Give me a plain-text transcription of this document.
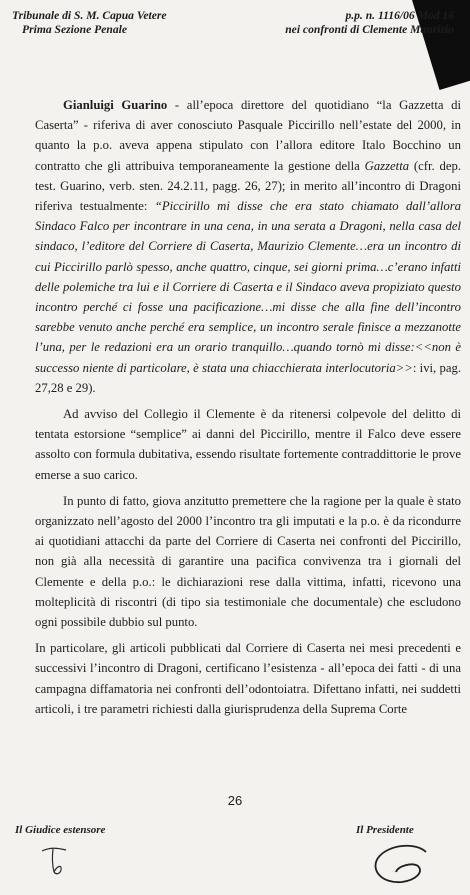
Tribunale di S. M. Capua Vetere
Prima Sezione Penale
p.p. n. 1116/06 Mod 16
nei confronti di Clemente Maurizio

Gianluigi Guarino - all’epoca direttore del quotidiano “la Gazzetta di Caserta” - riferiva di aver conosciuto Pasquale Piccirillo nell’estate del 2000, in quanto la p.o. aveva appena stipulato con l’allora editore Italo Bocchino un contratto che gli attribuiva temporaneamente la gestione della Gazzetta (cfr. dep. test. Guarino, verb. sten. 24.2.11, pagg. 26, 27); in merito all’incontro di Dragoni riferiva testualmente: “Piccirillo mi disse che era stato chiamato dall’allora Sindaco Falco per incontrare in una cena, in una serata a Dragoni, nella casa del sindaco, l’editore del Corriere di Caserta, Maurizio Clemente…era un incontro di cui Piccirillo parlò spesso, anche quattro, cinque, sei giorni prima…c’erano infatti delle polemiche tra lui e il Corriere di Caserta e il Sindaco aveva propiziato questo incontro perché ci fosse una pacificazione…mi disse che alla fine dell’incontro sarebbe venuto anche perché era semplice, un incontro serale finisce a mezzanotte l’una, per le redazioni era un orario tranquillo…quando tornò mi disse:<<non è successo niente di particolare, è stata una chiacchierata interlocutoria>>: ivi, pag. 27,28 e 29).

Ad avviso del Collegio il Clemente è da ritenersi colpevole del delitto di tentata estorsione “semplice” ai danni del Piccirillo, mentre il Falco deve essere assolto con formula dubitativa, essendo risultate fortemente contraddittorie le prove emerse a suo carico.

In punto di fatto, giova anzitutto premettere che la ragione per la quale è stato organizzato nell’agosto del 2000 l’incontro tra gli imputati e la p.o. è da ricondurre ai quotidiani attacchi da parte del Corriere di Caserta nei confronti del Piccirillo, non già alla necessità di garantire una pacifica convivenza tra i giornali del Clemente e della p.o.: le dichiarazioni rese dalla vittima, infatti, ricevono una molteplicità di riscontri (di tipo sia testimoniale che documentale) che escludono ogni possibile dubbio sul punto.

In particolare, gli articoli pubblicati dal Corriere di Caserta nei mesi precedenti e successivi l’incontro di Dragoni, certificano l’esistenza - all’epoca dei fatti - di una campagna diffamatoria nei confronti dell’odontoiatra. Difettano infatti, nei suddetti articoli, i tre parametri richiesti dalla giurisprudenza della Suprema Corte

26
Il Giudice estensore	Il Presidente
